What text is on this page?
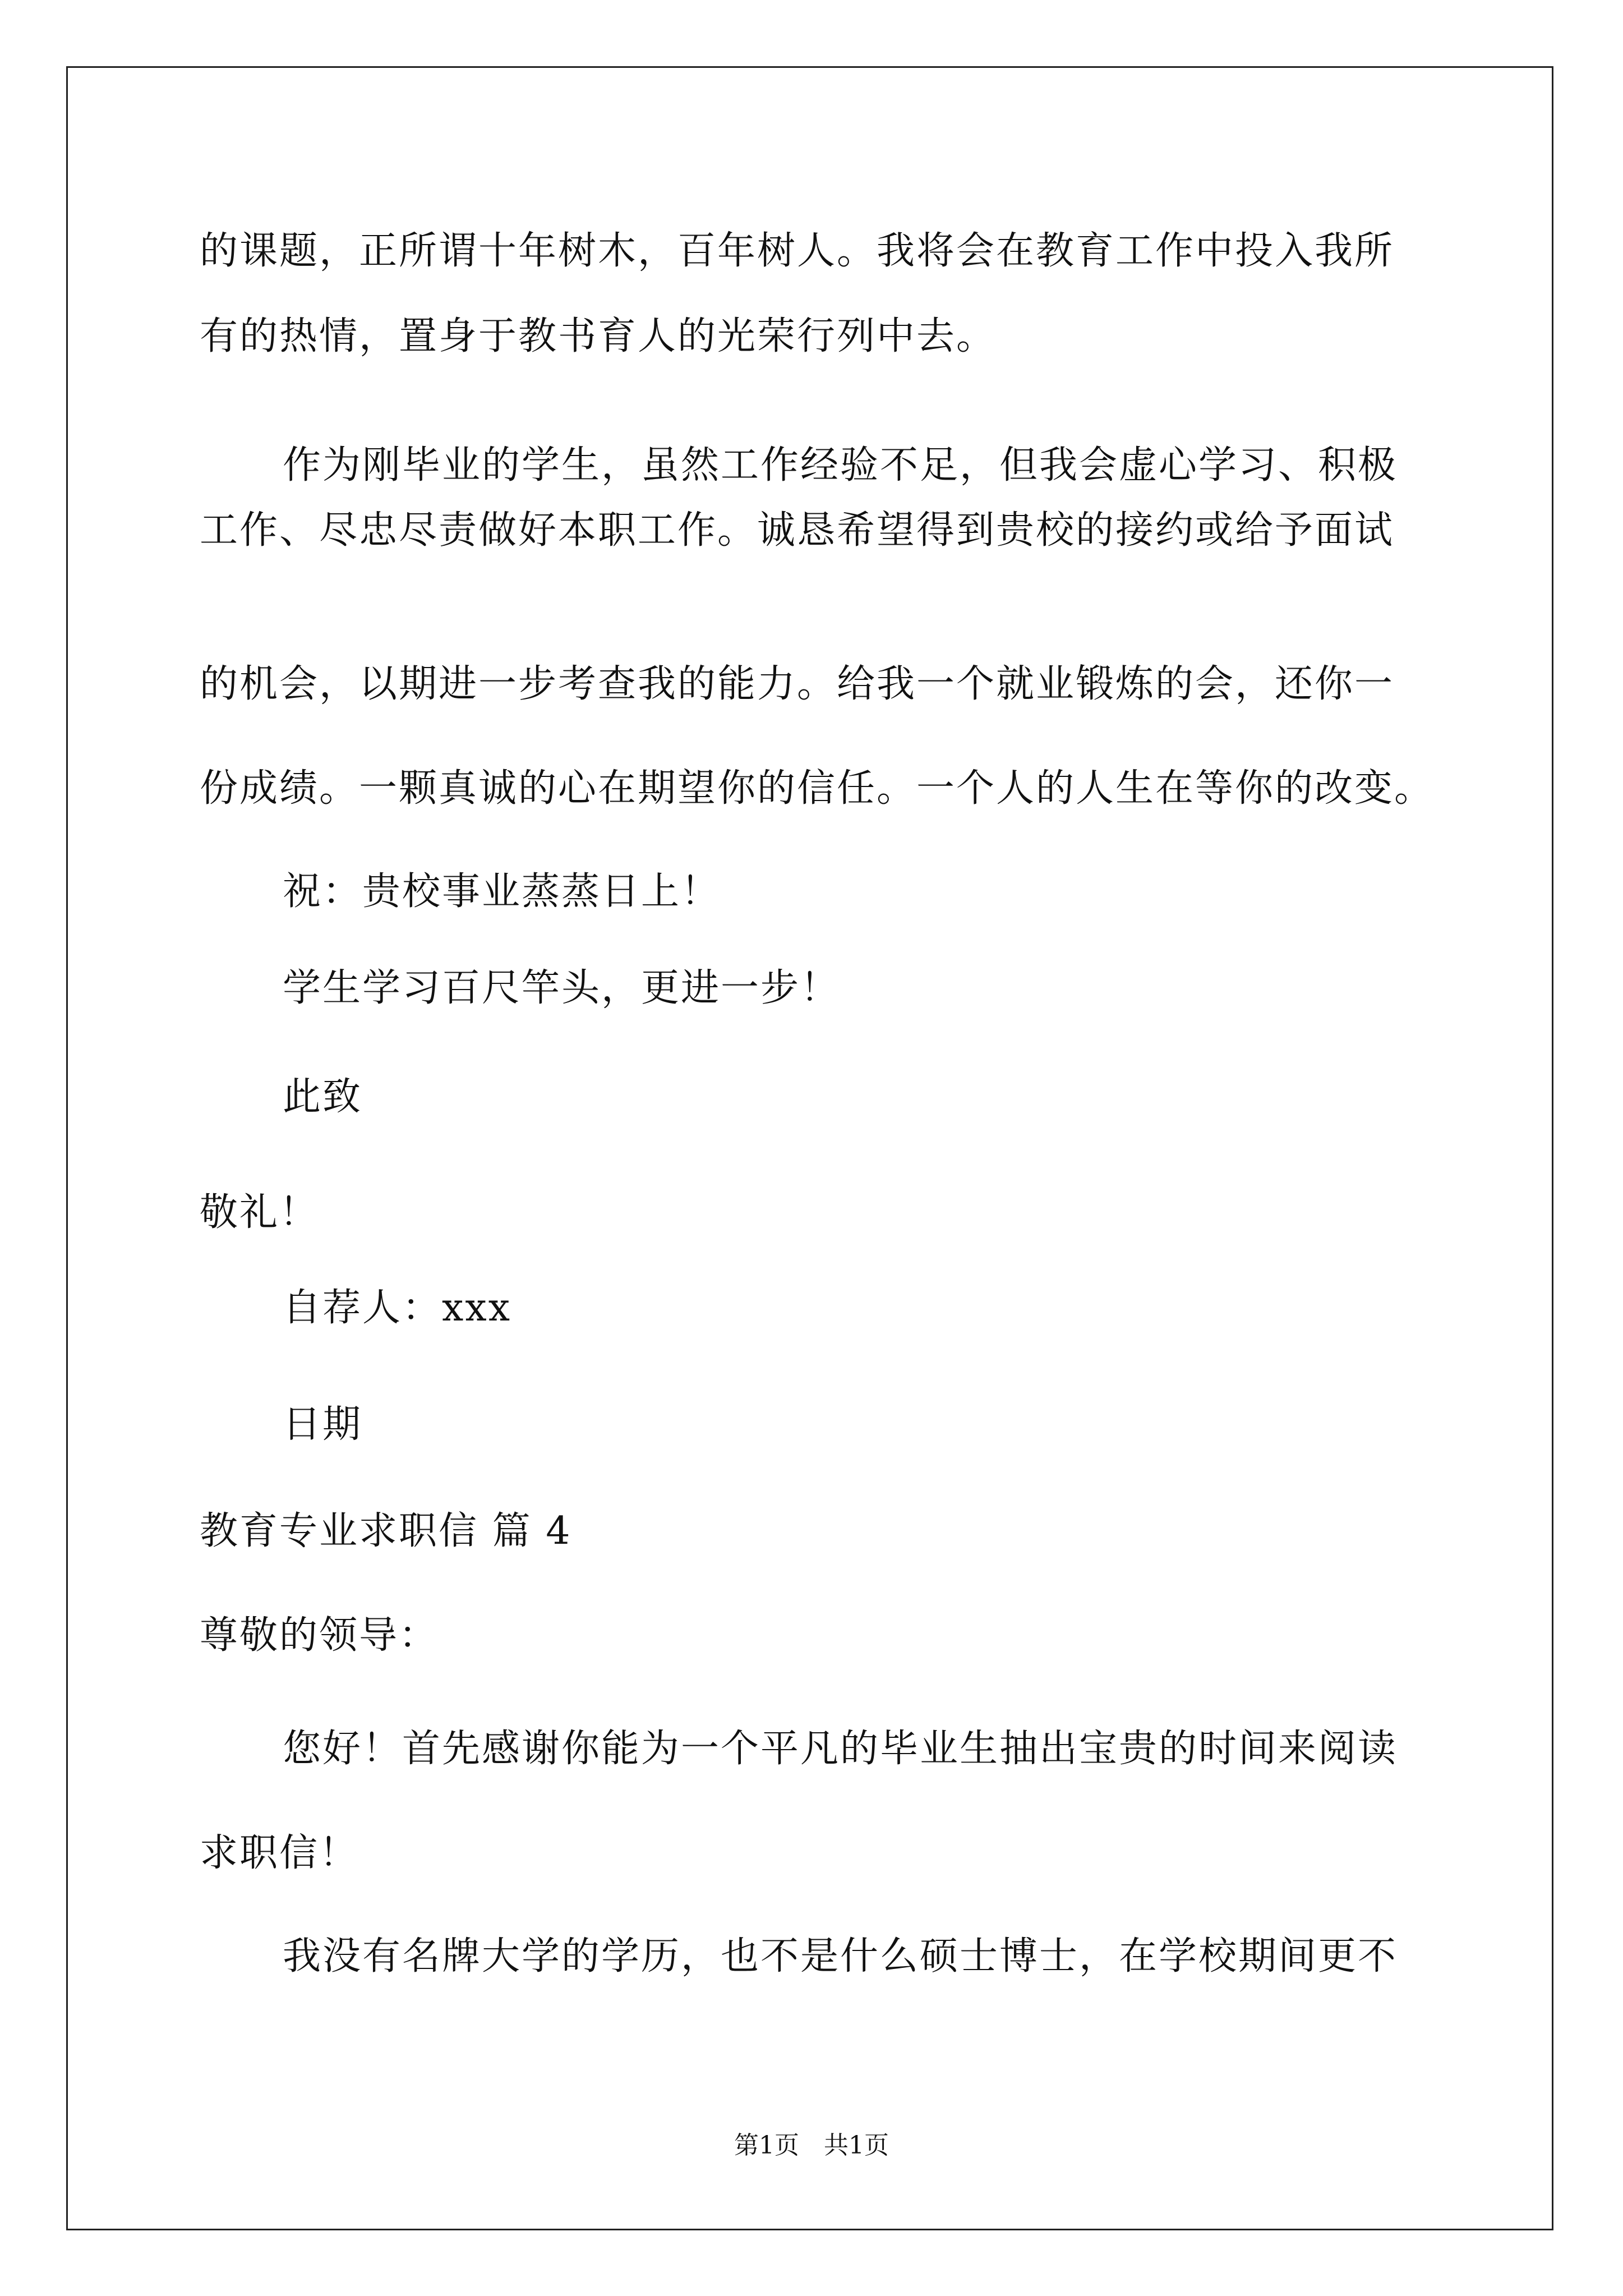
的课题，正所谓十年树木，百年树人。我将会在教育工作中投入我所
有的热情，置身于教书育人的光荣行列中去。
作为刚毕业的学生，虽然工作经验不足，但我会虚心学习、积极
工作、尽忠尽责做好本职工作。诚恳希望得到贵校的接约或给予面试
的机会，以期进一步考查我的能力。给我一个就业锻炼的会，还你一
份成绩。一颗真诚的心在期望你的信任。一个人的人生在等你的改变。
祝：贵校事业蒸蒸日上！
学生学习百尺竿头，更进一步！
此致
敬礼！
自荐人：xxx
日期
教育专业求职信 篇 4
尊敬的领导：
您好！首先感谢你能为一个平凡的毕业生抽出宝贵的时间来阅读
求职信！
我没有名牌大学的学历，也不是什么硕士博士，在学校期间更不
第1页　共1页
